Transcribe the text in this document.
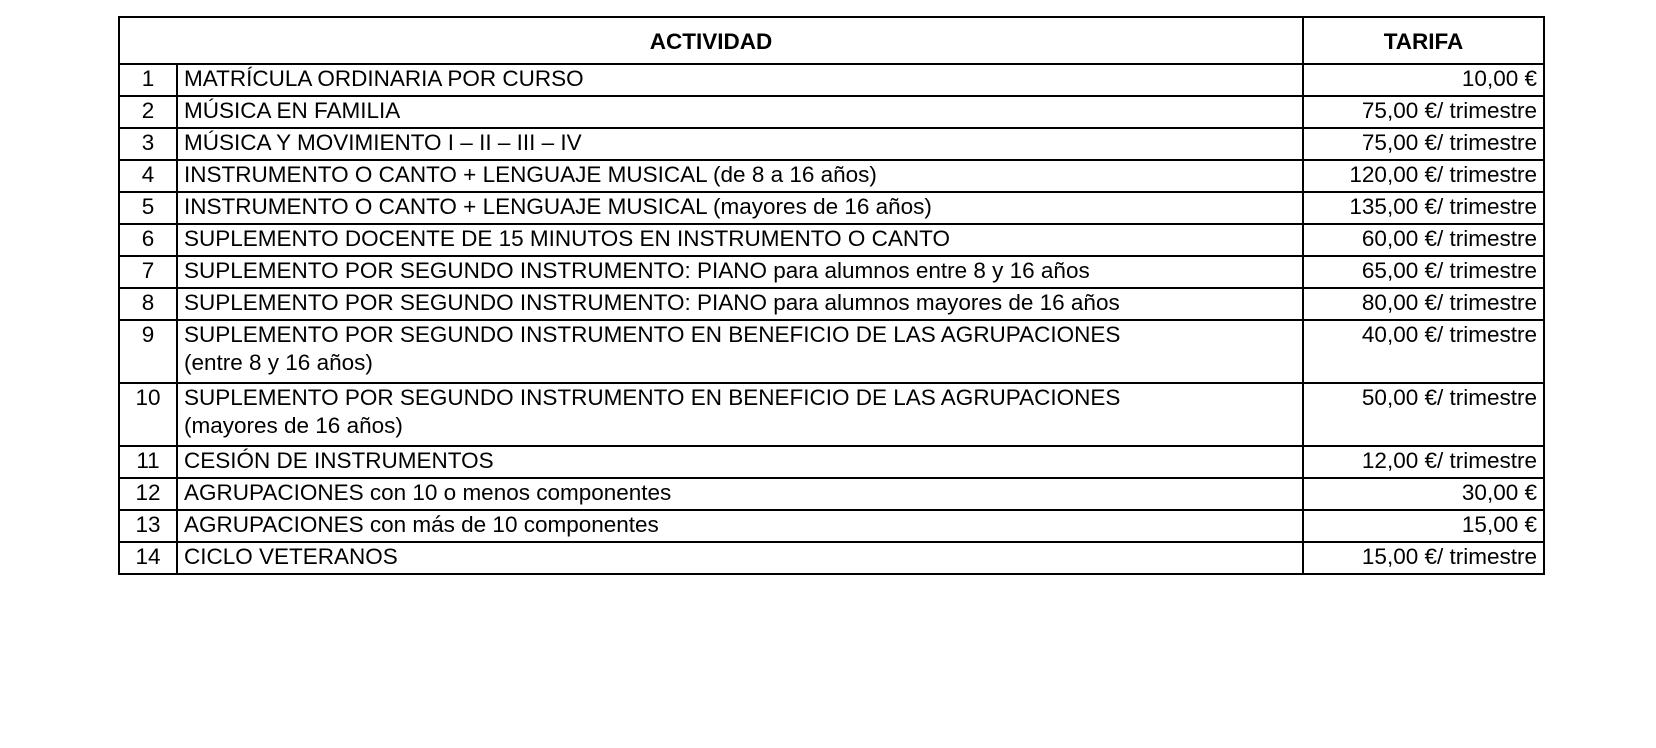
ACTIVIDAD		TARIFA
1	MATRÍCULA ORDINARIA POR CURSO	10,00 €
2	MÚSICA EN FAMILIA	75,00 €/ trimestre
3	MÚSICA Y MOVIMIENTO I – II – III – IV	75,00 €/ trimestre
4	INSTRUMENTO O CANTO + LENGUAJE MUSICAL (de 8 a 16 años)	120,00 €/ trimestre
5	INSTRUMENTO O CANTO + LENGUAJE MUSICAL (mayores de 16 años)	135,00 €/ trimestre
6	SUPLEMENTO DOCENTE DE 15 MINUTOS EN INSTRUMENTO O CANTO	60,00 €/ trimestre
7	SUPLEMENTO POR SEGUNDO INSTRUMENTO: PIANO para alumnos entre 8 y 16 años	65,00 €/ trimestre
8	SUPLEMENTO POR SEGUNDO INSTRUMENTO: PIANO para alumnos mayores de 16 años	80,00 €/ trimestre
9	SUPLEMENTO POR SEGUNDO INSTRUMENTO EN BENEFICIO DE LAS AGRUPACIONES
(entre 8 y 16 años)	40,00 €/ trimestre
10	SUPLEMENTO POR SEGUNDO INSTRUMENTO EN BENEFICIO DE LAS AGRUPACIONES
(mayores de 16 años)	50,00 €/ trimestre
11	CESIÓN DE INSTRUMENTOS	12,00 €/ trimestre
12	AGRUPACIONES con 10 o menos componentes	30,00 €
13	AGRUPACIONES con más de 10 componentes	15,00 €
14	CICLO VETERANOS	15,00 €/ trimestre
